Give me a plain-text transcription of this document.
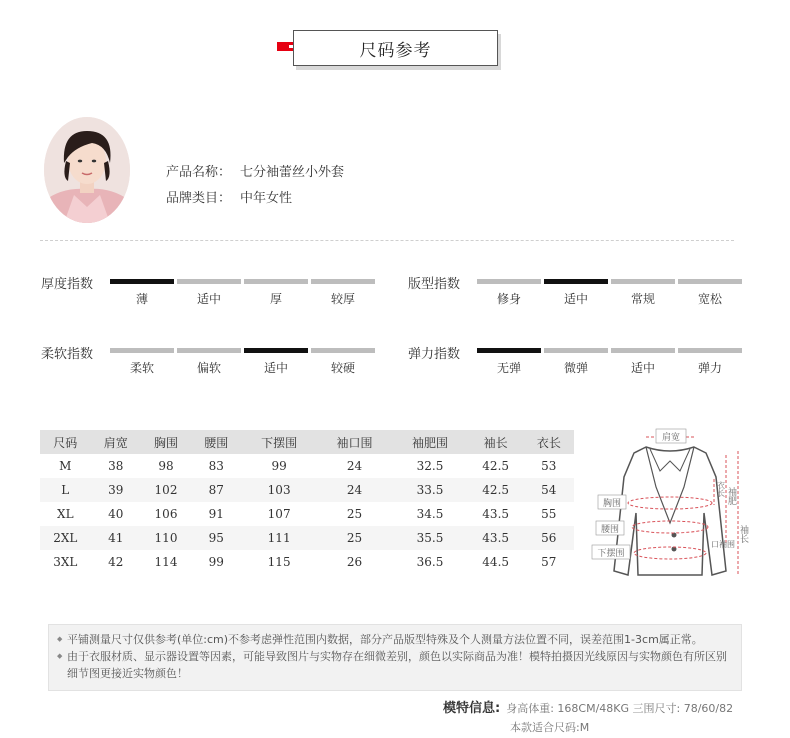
尺码参考
产品名称： 七分袖蕾丝小外套
品牌类目： 中年女性
厚度指数
薄	适中	厚	较厚
版型指数
修身	适中	常规	宽松
柔软指数
柔软	偏软	适中	较硬
弹力指数
无弹	微弹	适中	弹力
尺码	肩宽	胸围	腰围	下摆围	袖口围	袖肥围	袖长	衣长
M	38	98	83	99	24	32.5	42.5	53
L	39	102	87	103	24	33.5	42.5	54
XL	40	106	91	107	25	34.5	43.5	55
2XL	41	110	95	111	25	35.5	43.5	56
3XL	42	114	99	115	26	36.5	44.5	57
肩宽
胸围
腰围
下摆围
袖肥
袖长
口袖围
衣长

◆ 平铺测量尺寸仅供参考(单位:cm)不参考虑弹性范围内数据，部分产品版型特殊及个人测量方法位置不同，误差范围1-3cm属正常。

◆ 由于衣服材质、显示器设置等因素，可能导致图片与实物存在细微差别，颜色以实际商品为准！模特拍摄因光线原因与实物颜色有所区别细节图更接近实物颜色！

模特信息: 身高体重: 168CM/48KG 三围尺寸: 78/60/82
本款适合尺码:M
